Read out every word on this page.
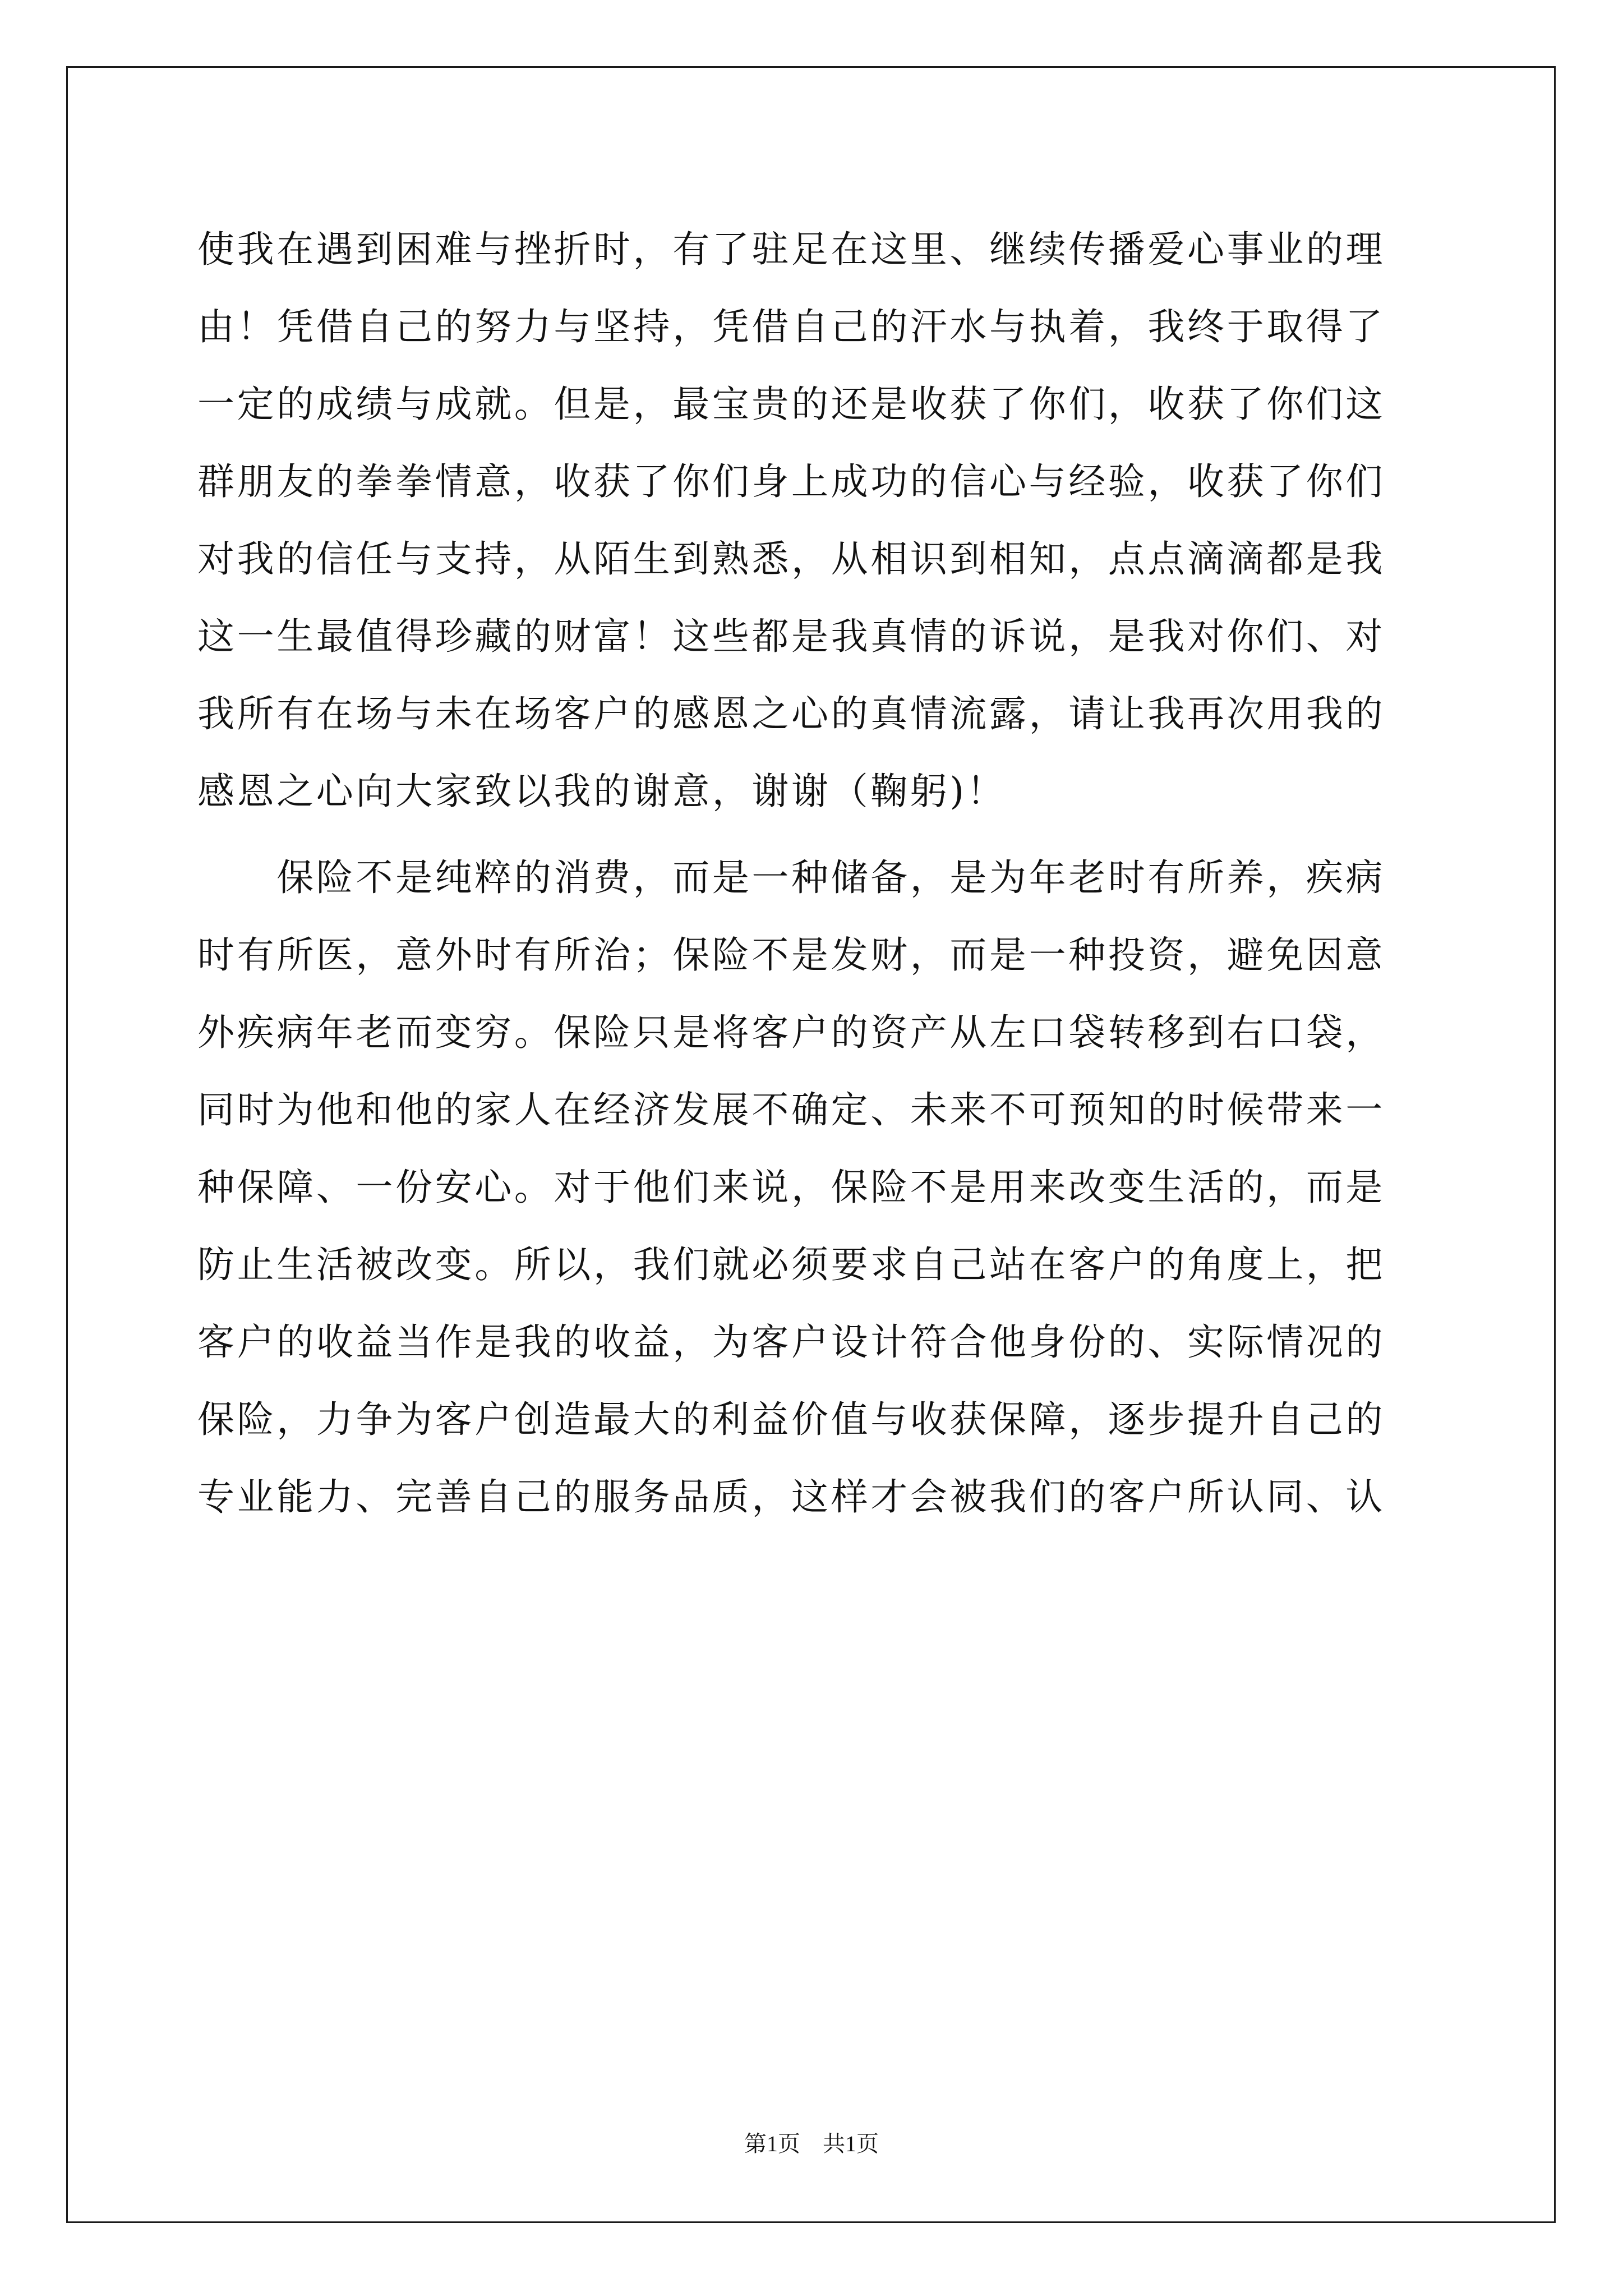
使我在遇到困难与挫折时，有了驻足在这里、继续传播爱心事业的理
由！凭借自己的努力与坚持，凭借自己的汗水与执着，我终于取得了
一定的成绩与成就。但是，最宝贵的还是收获了你们，收获了你们这
群朋友的拳拳情意，收获了你们身上成功的信心与经验，收获了你们
对我的信任与支持，从陌生到熟悉，从相识到相知，点点滴滴都是我
这一生最值得珍藏的财富！这些都是我真情的诉说，是我对你们、对
我所有在场与未在场客户的感恩之心的真情流露，请让我再次用我的
感恩之心向大家致以我的谢意，谢谢（鞠躬)！
　　保险不是纯粹的消费，而是一种储备，是为年老时有所养，疾病
时有所医，意外时有所治；保险不是发财，而是一种投资，避免因意
外疾病年老而变穷。保险只是将客户的资产从左口袋转移到右口袋，
同时为他和他的家人在经济发展不确定、未来不可预知的时候带来一
种保障、一份安心。对于他们来说，保险不是用来改变生活的，而是
防止生活被改变。所以，我们就必须要求自己站在客户的角度上，把
客户的收益当作是我的收益，为客户设计符合他身份的、实际情况的
保险，力争为客户创造最大的利益价值与收获保障，逐步提升自己的
专业能力、完善自己的服务品质，这样才会被我们的客户所认同、认
第1页　共1页
